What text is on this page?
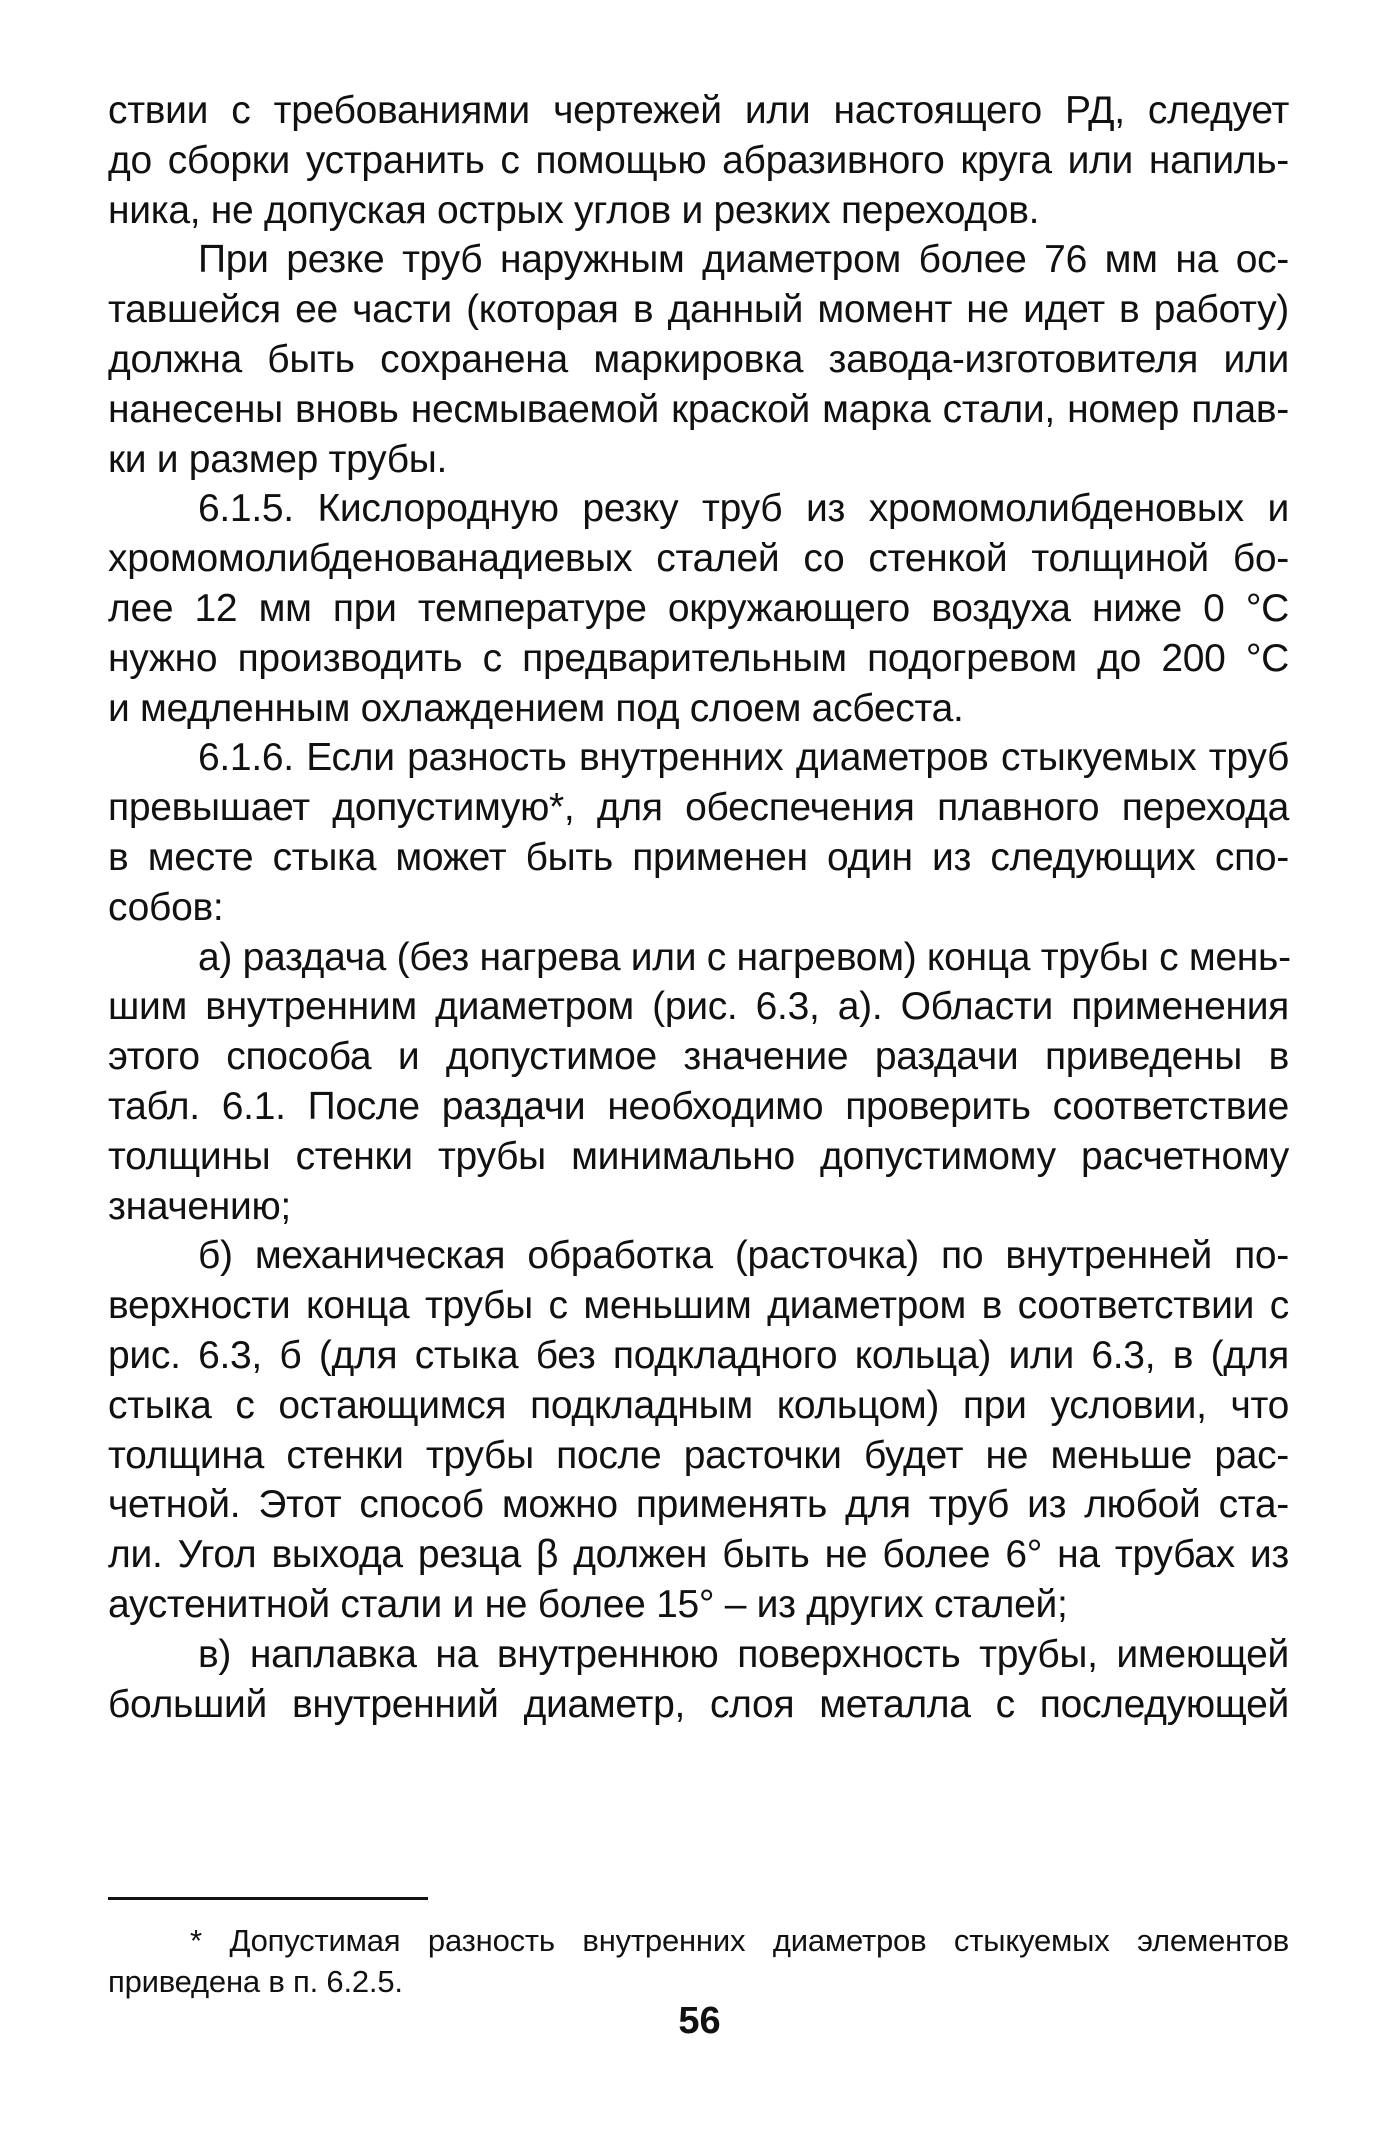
ствии с требованиями чертежей или настоящего РД, следует
до сборки устранить с помощью абразивного круга или напиль-
ника, не допуская острых углов и резких переходов.
При резке труб наружным диаметром более 76 мм на ос-
тавшейся ее части (которая в данный момент не идет в работу)
должна быть сохранена маркировка завода-изготовителя или
нанесены вновь несмываемой краской марка стали, номер плав-
ки и размер трубы.
6.1.5. Кислородную резку труб из хромомолибденовых и
хромомолибденованадиевых сталей со стенкой толщиной бо-
лее 12 мм при температуре окружающего воздуха ниже 0 °С
нужно производить с предварительным подогревом до 200 °С
и медленным охлаждением под слоем асбеста.
6.1.6. Если разность внутренних диаметров стыкуемых труб
превышает допустимую*, для обеспечения плавного перехода
в месте стыка может быть применен один из следующих спо-
собов:
а) раздача (без нагрева или с нагревом) конца трубы с мень-
шим внутренним диаметром (рис. 6.3, а). Области применения
этого способа и допустимое значение раздачи приведены в
табл. 6.1. После раздачи необходимо проверить соответствие
толщины стенки трубы минимально допустимому расчетному
значению;
б) механическая обработка (расточка) по внутренней по-
верхности конца трубы с меньшим диаметром в соответствии с
рис. 6.3, б (для стыка без подкладного кольца) или 6.3, в (для
стыка с остающимся подкладным кольцом) при условии, что
толщина стенки трубы после расточки будет не меньше рас-
четной. Этот способ можно применять для труб из любой ста-
ли. Угол выхода резца β должен быть не более 6° на трубах из
аустенитной стали и не более 15° – из других сталей;
в) наплавка на внутреннюю поверхность трубы, имеющей
больший внутренний диаметр, слоя металла с последующей
* Допустимая разность внутренних диаметров стыкуемых элементов
приведена в п. 6.2.5.
56
